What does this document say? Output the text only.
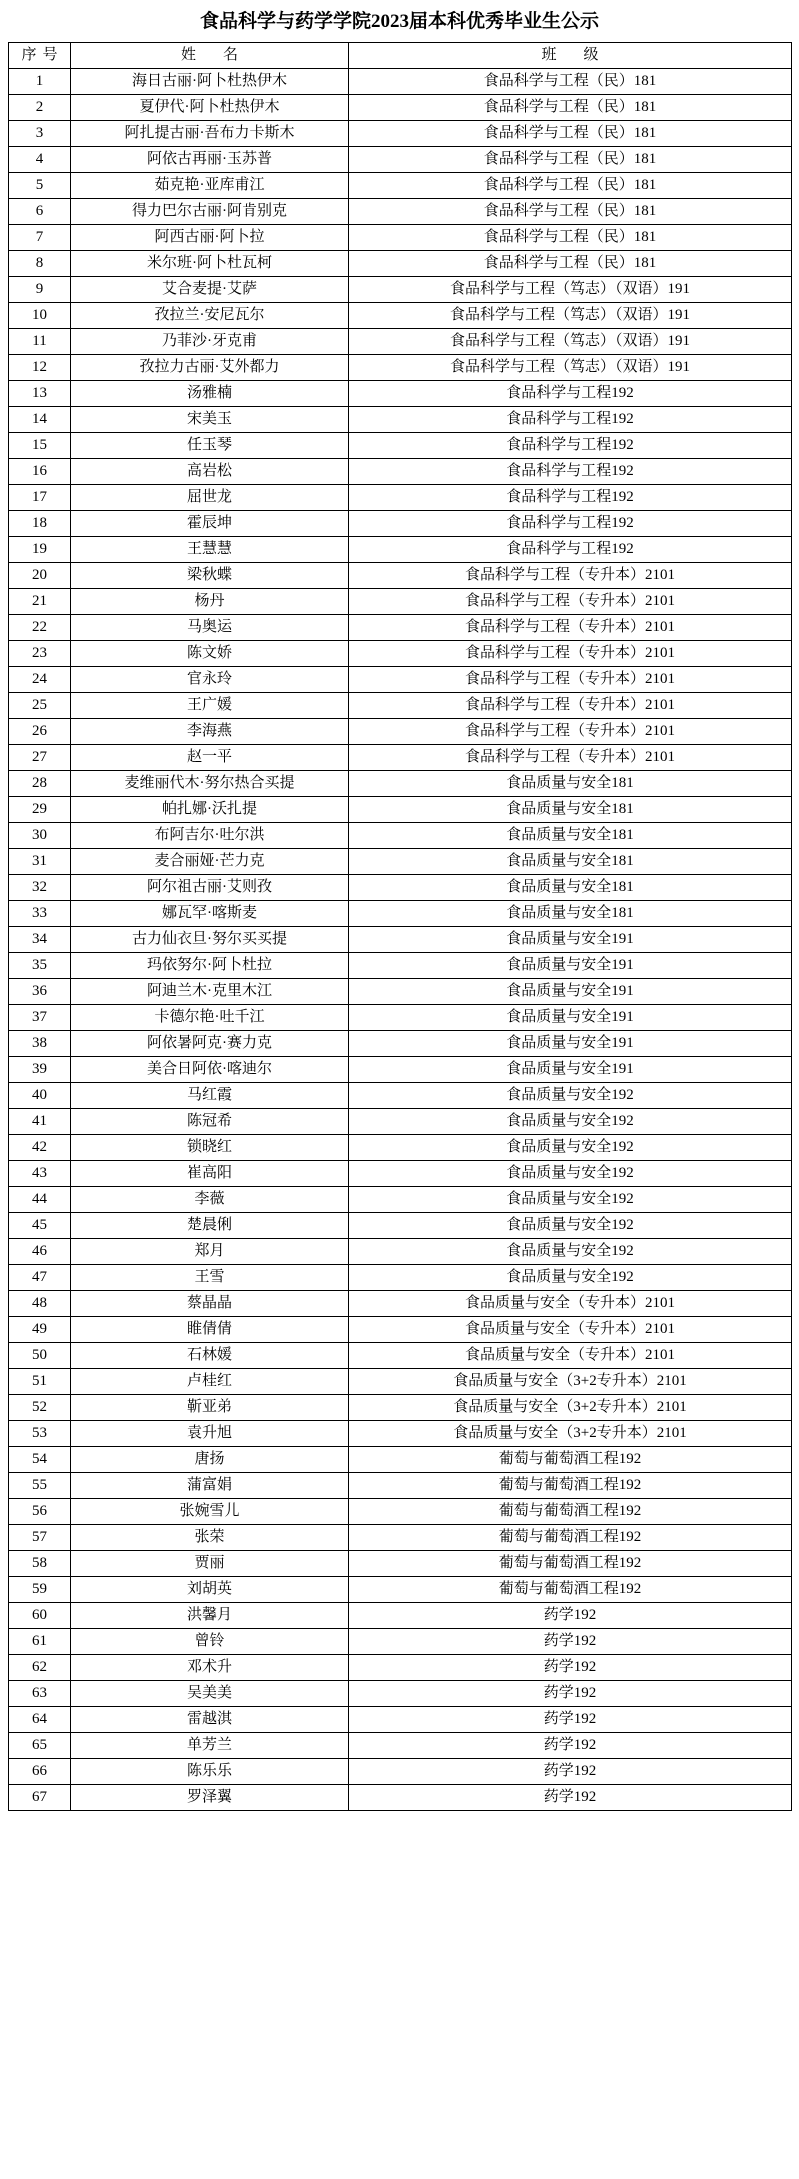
食品科学与药学学院2023届本科优秀毕业生公示
序号	姓　名	班　级
1	海日古丽·阿卜杜热伊木	食品科学与工程（民）181
2	夏伊代·阿卜杜热伊木	食品科学与工程（民）181
3	阿扎提古丽·吾布力卡斯木	食品科学与工程（民）181
4	阿依古再丽·玉苏普	食品科学与工程（民）181
5	茹克艳·亚库甫江	食品科学与工程（民）181
6	得力巴尔古丽·阿肯别克	食品科学与工程（民）181
7	阿西古丽·阿卜拉	食品科学与工程（民）181
8	米尔班·阿卜杜瓦柯	食品科学与工程（民）181
9	艾合麦提·艾萨	食品科学与工程（笃志）（双语）191
10	孜拉兰·安尼瓦尔	食品科学与工程（笃志）（双语）191
11	乃菲沙·牙克甫	食品科学与工程（笃志）（双语）191
12	孜拉力古丽·艾外都力	食品科学与工程（笃志）（双语）191
13	汤雅楠	食品科学与工程192
14	宋美玉	食品科学与工程192
15	任玉琴	食品科学与工程192
16	高岩松	食品科学与工程192
17	屈世龙	食品科学与工程192
18	霍辰坤	食品科学与工程192
19	王慧慧	食品科学与工程192
20	梁秋蝶	食品科学与工程（专升本）2101
21	杨丹	食品科学与工程（专升本）2101
22	马奥运	食品科学与工程（专升本）2101
23	陈文娇	食品科学与工程（专升本）2101
24	官永玲	食品科学与工程（专升本）2101
25	王广媛	食品科学与工程（专升本）2101
26	李海燕	食品科学与工程（专升本）2101
27	赵一平	食品科学与工程（专升本）2101
28	麦维丽代木·努尔热合买提	食品质量与安全181
29	帕扎娜·沃扎提	食品质量与安全181
30	布阿吉尔·吐尔洪	食品质量与安全181
31	麦合丽娅·芒力克	食品质量与安全181
32	阿尔祖古丽·艾则孜	食品质量与安全181
33	娜瓦罕·喀斯麦	食品质量与安全181
34	古力仙衣旦·努尔买买提	食品质量与安全191
35	玛依努尔·阿卜杜拉	食品质量与安全191
36	阿迪兰木·克里木江	食品质量与安全191
37	卡德尔艳·吐千江	食品质量与安全191
38	阿依暑阿克·赛力克	食品质量与安全191
39	美合日阿依·喀迪尔	食品质量与安全191
40	马红霞	食品质量与安全192
41	陈冠希	食品质量与安全192
42	锁晓红	食品质量与安全192
43	崔高阳	食品质量与安全192
44	李薇	食品质量与安全192
45	楚晨俐	食品质量与安全192
46	郑月	食品质量与安全192
47	王雪	食品质量与安全192
48	蔡晶晶	食品质量与安全（专升本）2101
49	睢倩倩	食品质量与安全（专升本）2101
50	石林媛	食品质量与安全（专升本）2101
51	卢桂红	食品质量与安全（3+2专升本）2101
52	靳亚弟	食品质量与安全（3+2专升本）2101
53	袁升旭	食品质量与安全（3+2专升本）2101
54	唐扬	葡萄与葡萄酒工程192
55	蒲富娟	葡萄与葡萄酒工程192
56	张婉雪儿	葡萄与葡萄酒工程192
57	张荣	葡萄与葡萄酒工程192
58	贾丽	葡萄与葡萄酒工程192
59	刘胡英	葡萄与葡萄酒工程192
60	洪馨月	药学192
61	曾铃	药学192
62	邓术升	药学192
63	吴美美	药学192
64	雷越淇	药学192
65	单芳兰	药学192
66	陈乐乐	药学192
67	罗泽翼	药学192
